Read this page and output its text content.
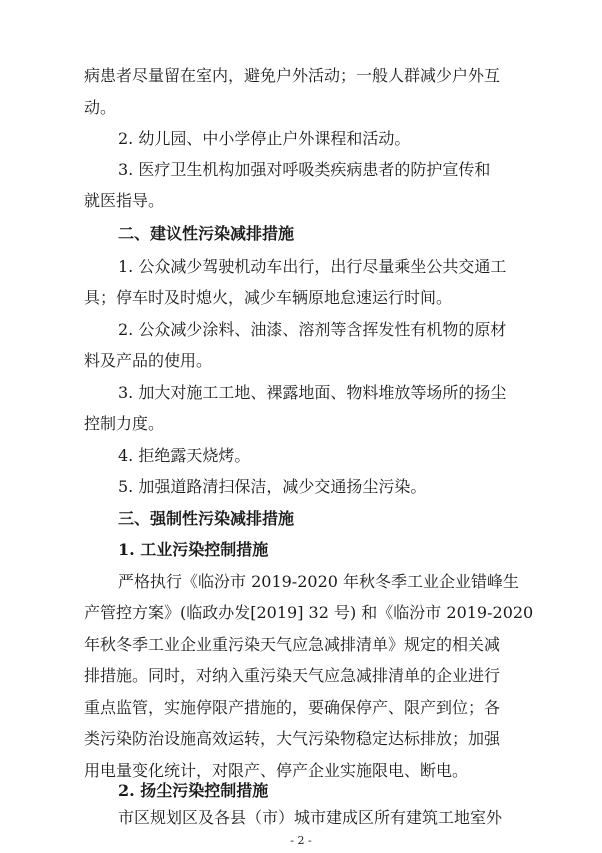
病患者尽量留在室内，避免户外活动；一般人群减少户外互
动。
2. 幼儿园、中小学停止户外课程和活动。
3. 医疗卫生机构加强对呼吸类疾病患者的防护宣传和
就医指导。
二、建议性污染减排措施
1. 公众减少驾驶机动车出行，出行尽量乘坐公共交通工
具；停车时及时熄火，减少车辆原地怠速运行时间。
2. 公众减少涂料、油漆、溶剂等含挥发性有机物的原材
料及产品的使用。
3. 加大对施工工地、裸露地面、物料堆放等场所的扬尘
控制力度。
4. 拒绝露天烧烤。
5. 加强道路清扫保洁，减少交通扬尘污染。
三、强制性污染减排措施
1. 工业污染控制措施
严格执行《临汾市 2019-2020 年秋冬季工业企业错峰生
产管控方案》(临政办发[2019] 32 号) 和《临汾市 2019-2020
年秋冬季工业企业重污染天气应急减排清单》规定的相关减
排措施。同时，对纳入重污染天气应急减排清单的企业进行
重点监管，实施停限产措施的，要确保停产、限产到位；各
类污染防治设施高效运转，大气污染物稳定达标排放；加强
用电量变化统计，对限产、停产企业实施限电、断电。
2. 扬尘污染控制措施
- 2 -
市区规划区及各县（市）城市建成区所有建筑工地室外
